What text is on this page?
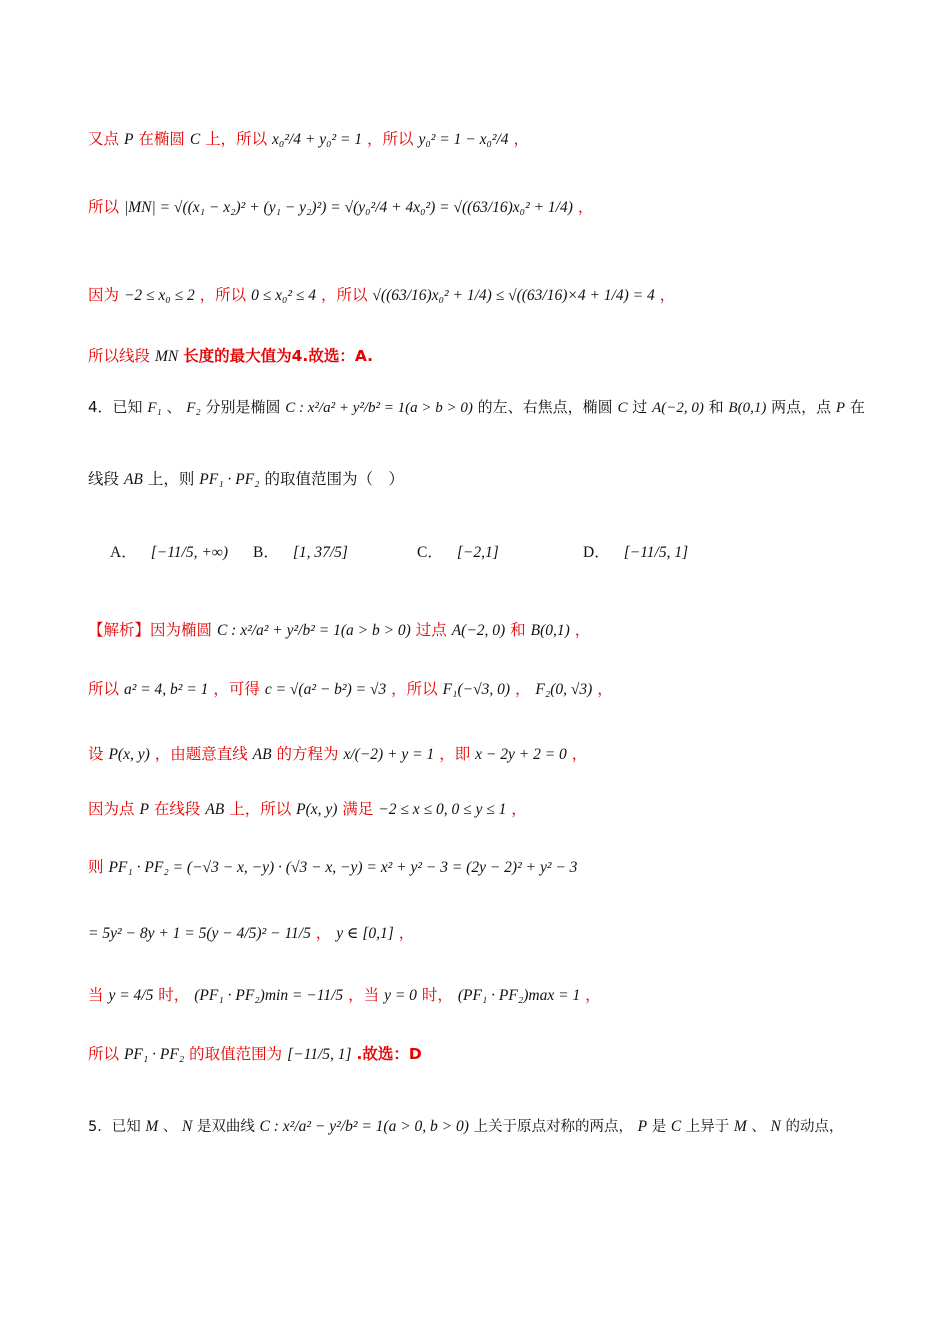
又点 P 在椭圆 C 上，所以 x₀²/4 + y₀² = 1 ，所以 y₀² = 1 − x₀²/4 ，
所以 |MN| = √((x₁ − x₂)² + (y₁ − y₂)²) = √(y₀²/4 + 4x₀²) = √((63/16)x₀² + 1/4) ，
因为 −2 ≤ x₀ ≤ 2 ，所以 0 ≤ x₀² ≤ 4 ，所以 √((63/16)x₀² + 1/4) ≤ √((63/16)×4 + 1/4) = 4 ，
所以线段 MN 长度的最大值为4.故选：A.
4．已知 F₁ 、 F₂ 分别是椭圆 C : x²/a² + y²/b² = 1(a > b > 0) 的左、右焦点，椭圆 C 过 A(−2, 0) 和 B(0,1) 两点，点 P 在
线段 AB 上，则 PF₁ · PF₂ 的取值范围为（　）
A． [−11/5, +∞) B． [1, 37/5]	C． [−2,1]	D． [−11/5, 1]
【解析】因为椭圆 C : x²/a² + y²/b² = 1(a > b > 0) 过点 A(−2, 0) 和 B(0,1) ，
所以 a² = 4, b² = 1 ，可得 c = √(a² − b²) = √3 ，所以 F₁(−√3, 0) ， F₂(0, √3) ，
设 P(x, y) ，由题意直线 AB 的方程为 x/(−2) + y = 1 ，即 x − 2y + 2 = 0 ，
因为点 P 在线段 AB 上，所以 P(x, y) 满足 −2 ≤ x ≤ 0, 0 ≤ y ≤ 1 ，
则 PF₁ · PF₂ = (−√3 − x, −y) · (√3 − x, −y) = x² + y² − 3 = (2y − 2)² + y² − 3
= 5y² − 8y + 1 = 5(y − 4/5)² − 11/5 ， y ∈ [0,1] ，
当 y = 4/5 时， (PF₁ · PF₂)min = −11/5 ，当 y = 0 时， (PF₁ · PF₂)max = 1 ，
所以 PF₁ · PF₂ 的取值范围为 [−11/5, 1] .故选：D
5．已知 M 、 N 是双曲线 C : x²/a² − y²/b² = 1(a > 0, b > 0) 上关于原点对称的两点， P 是 C 上异于 M 、 N 的动点，
